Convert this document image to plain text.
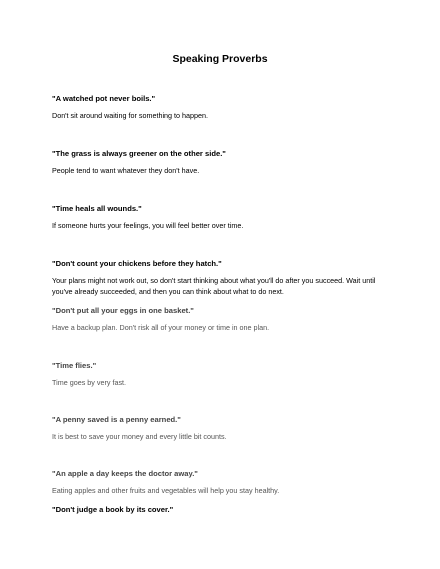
Speaking Proverbs
"A watched pot never boils."
Don't sit around waiting for something to happen.
"The grass is always greener on the other side."
People tend to want whatever they don't have.
"Time heals all wounds."
If someone hurts your feelings, you will feel better over time.
"Don't count your chickens before they hatch."
Your plans might not work out, so don't start thinking about what you'll do after you succeed. Wait until you've already succeeded, and then you can think about what to do next.
"Don't put all your eggs in one basket."
Have a backup plan. Don't risk all of your money or time in one plan.
"Time flies."
Time goes by very fast.
"A penny saved is a penny earned."
It is best to save your money and every little bit counts.
"An apple a day keeps the doctor away."
Eating apples and other fruits and vegetables will help you stay healthy.
"Don't judge a book by its cover."
